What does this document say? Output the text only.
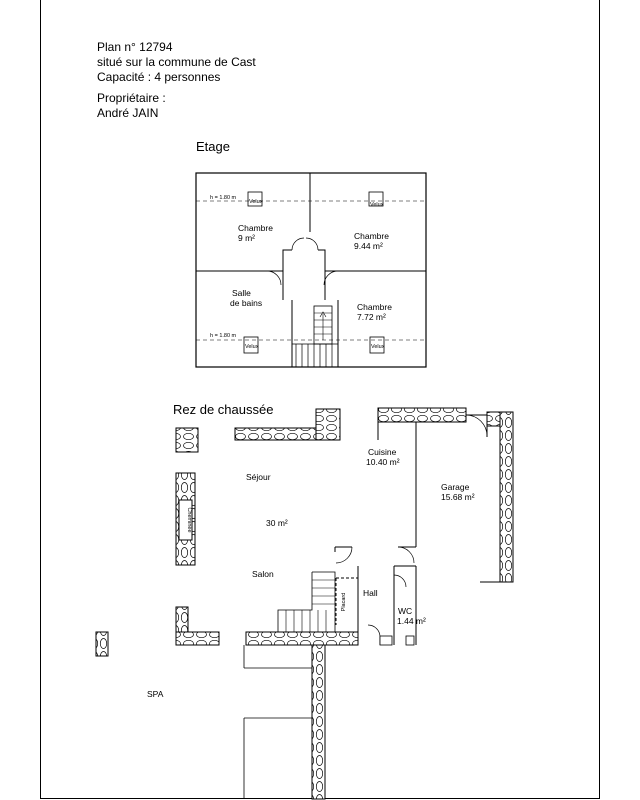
Plan n° 12794
situé sur la commune de Cast
Capacité : 4 personnes
Propriétaire :
André JAIN
Etage
Rez de chaussée
h = 1.80 m
h = 1.80 m
Velux	Velux
Velux	Velux
Chambre
9 m²	Chambre
9.44 m²
Salle
de bains	Chambre
7.72 m²
Séjour
30 m²
Salon
Cheminée
Cuisine
10.40 m²
Garage
15.68 m²
Hall
Placard	WC
1.44 m²
SPA
